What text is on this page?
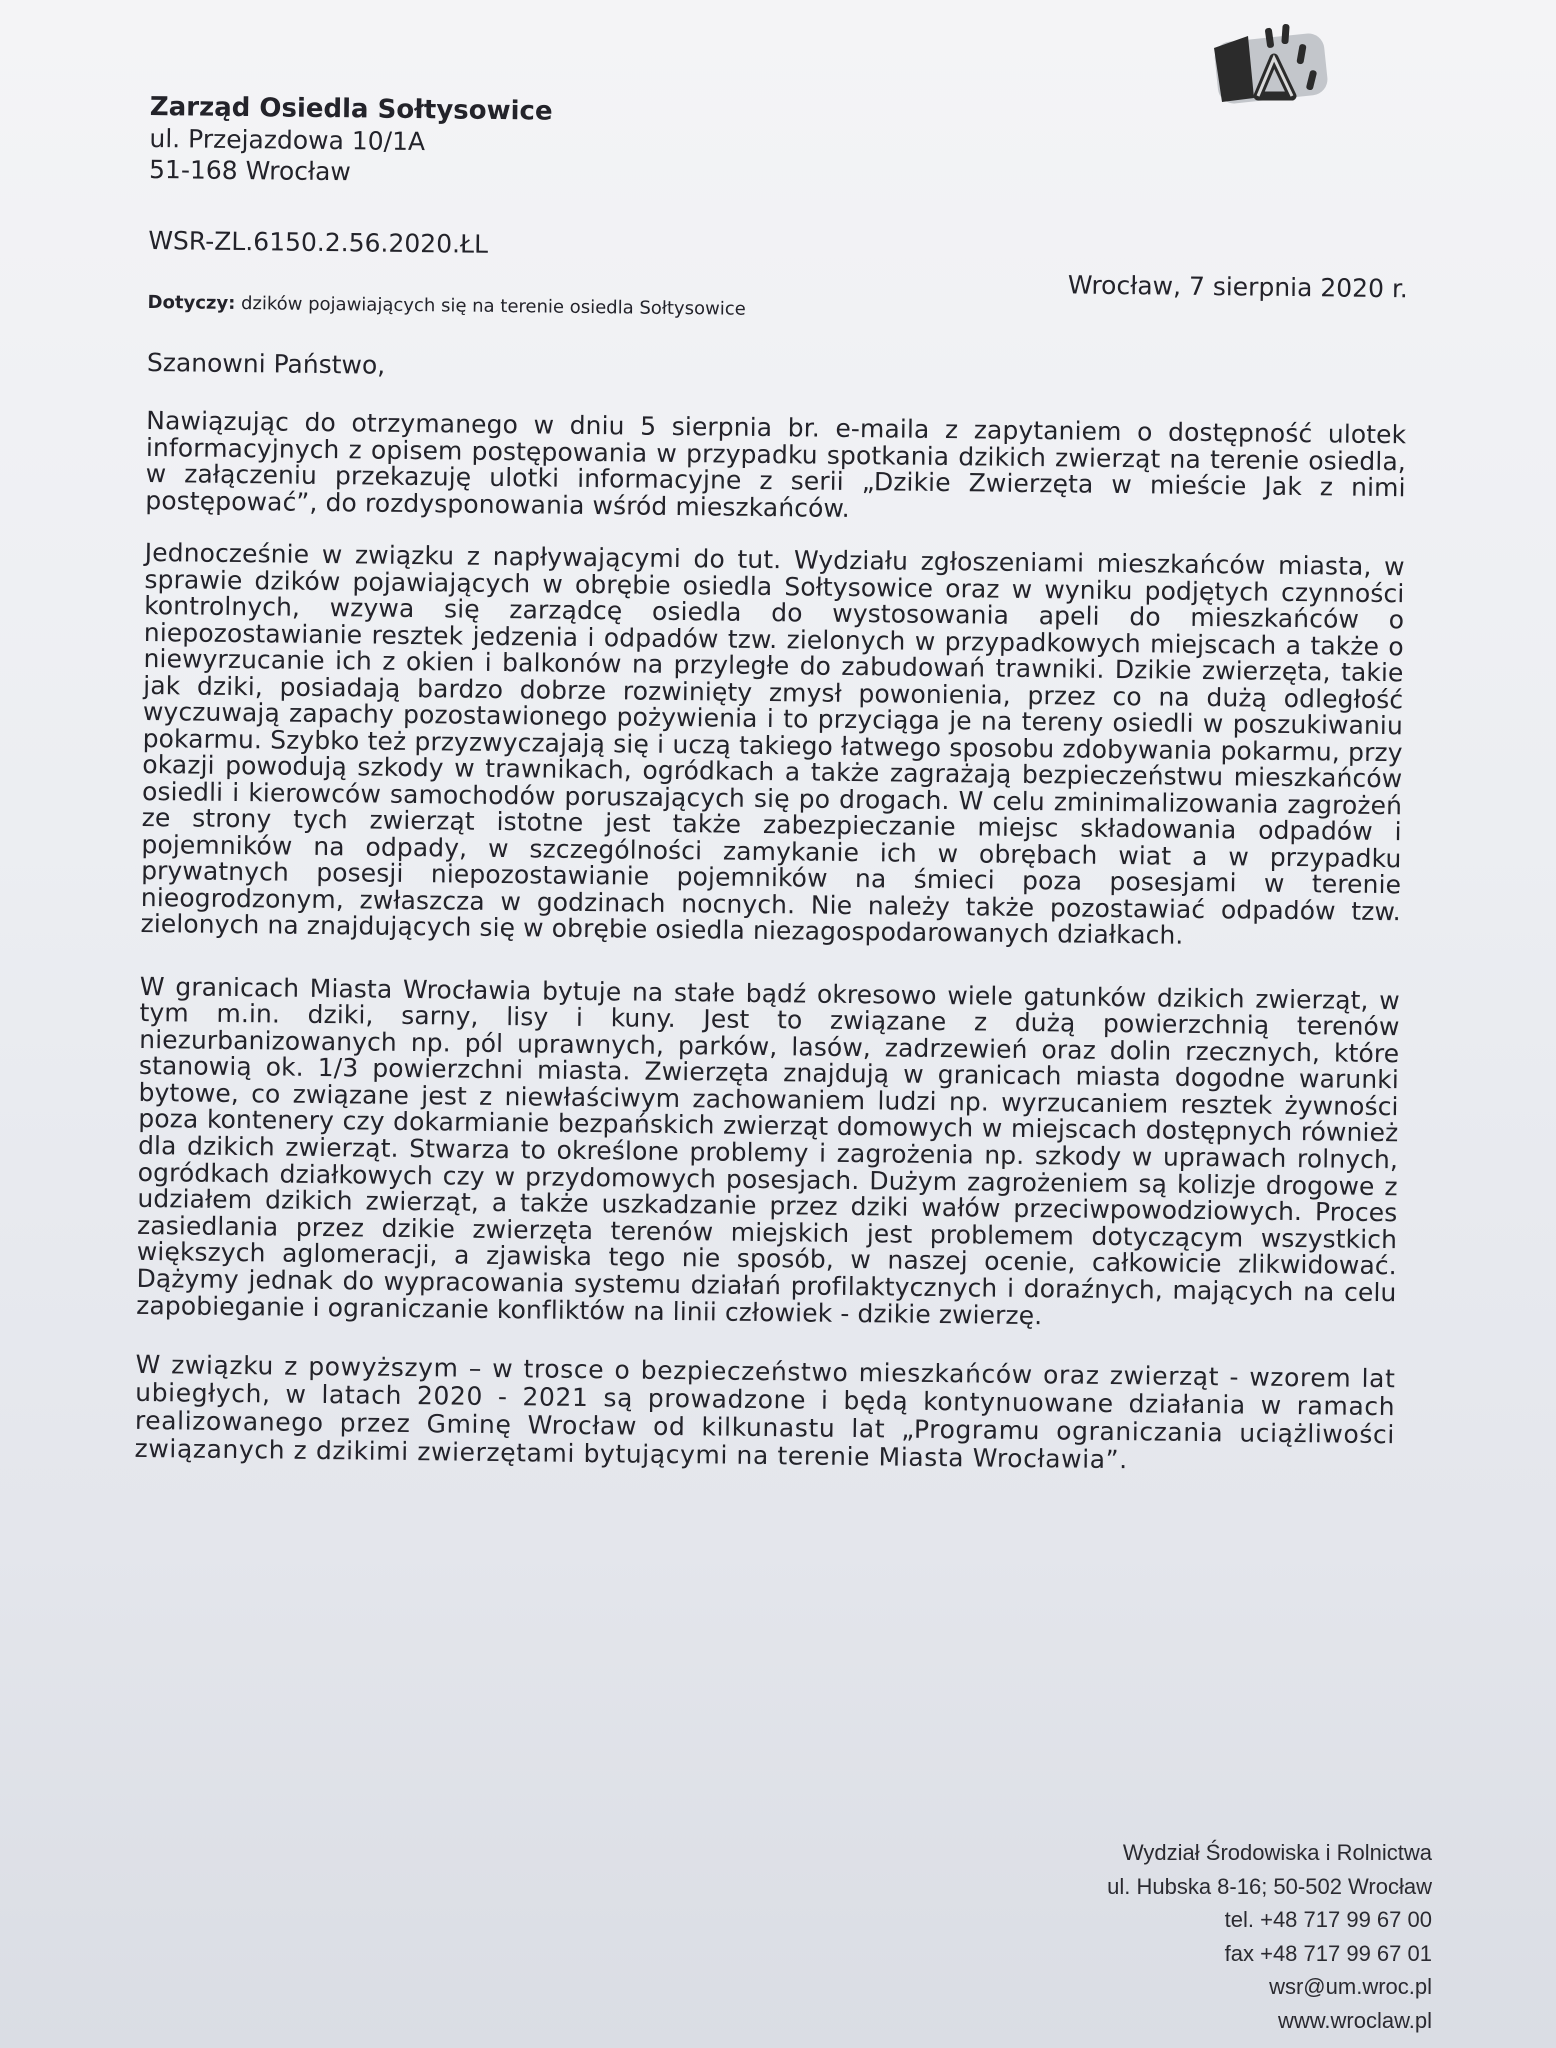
Zarząd Osiedla Sołtysowice
ul. Przejazdowa 10/1A
51-168 Wrocław
WSR-ZL.6150.2.56.2020.ŁL
Wrocław, 7 sierpnia 2020 r.
Dotyczy: dzików pojawiających się na terenie osiedla Sołtysowice
Szanowni Państwo,

Nawiązując do otrzymanego w dniu 5 sierpnia br. e-maila z zapytaniem o dostępność ulotek informacyjnych z opisem postępowania w przypadku spotkania dzikich zwierząt na terenie osiedla, w załączeniu przekazuję ulotki informacyjne z serii „Dzikie Zwierzęta w mieście Jak z nimi postępować”, do rozdysponowania wśród mieszkańców.

Jednocześnie w związku z napływającymi do tut. Wydziału zgłoszeniami mieszkańców miasta, w sprawie dzików pojawiających w obrębie osiedla Sołtysowice oraz w wyniku podjętych czynności kontrolnych, wzywa się zarządcę osiedla do wystosowania apeli do mieszkańców o niepozostawianie resztek jedzenia i odpadów tzw. zielonych w przypadkowych miejscach a także o niewyrzucanie ich z okien i balkonów na przyległe do zabudowań trawniki. Dzikie zwierzęta, takie jak dziki, posiadają bardzo dobrze rozwinięty zmysł powonienia, przez co na dużą odległość wyczuwają zapachy pozostawionego pożywienia i to przyciąga je na tereny osiedli w poszukiwaniu pokarmu. Szybko też przyzwyczajają się i uczą takiego łatwego sposobu zdobywania pokarmu, przy okazji powodują szkody w trawnikach, ogródkach a także zagrażają bezpieczeństwu mieszkańców osiedli i kierowców samochodów poruszających się po drogach. W celu zminimalizowania zagrożeń ze strony tych zwierząt istotne jest także zabezpieczanie miejsc składowania odpadów i pojemników na odpady, w szczególności zamykanie ich w obrębach wiat a w przypadku prywatnych posesji niepozostawianie pojemników na śmieci poza posesjami w terenie nieogrodzonym, zwłaszcza w godzinach nocnych. Nie należy także pozostawiać odpadów tzw. zielonych na znajdujących się w obrębie osiedla niezagospodarowanych działkach.

W granicach Miasta Wrocławia bytuje na stałe bądź okresowo wiele gatunków dzikich zwierząt, w tym m.in. dziki, sarny, lisy i kuny. Jest to związane z dużą powierzchnią terenów niezurbanizowanych np. pól uprawnych, parków, lasów, zadrzewień oraz dolin rzecznych, które stanowią ok. 1/3 powierzchni miasta. Zwierzęta znajdują w granicach miasta dogodne warunki bytowe, co związane jest z niewłaściwym zachowaniem ludzi np. wyrzucaniem resztek żywności poza kontenery czy dokarmianie bezpańskich zwierząt domowych w miejscach dostępnych również dla dzikich zwierząt. Stwarza to określone problemy i zagrożenia np. szkody w uprawach rolnych, ogródkach działkowych czy w przydomowych posesjach. Dużym zagrożeniem są kolizje drogowe z udziałem dzikich zwierząt, a także uszkadzanie przez dziki wałów przeciwpowodziowych. Proces zasiedlania przez dzikie zwierzęta terenów miejskich jest problemem dotyczącym wszystkich większych aglomeracji, a zjawiska tego nie sposób, w naszej ocenie, całkowicie zlikwidować. Dążymy jednak do wypracowania systemu działań profilaktycznych i doraźnych, mających na celu zapobieganie i ograniczanie konfliktów na linii człowiek - dzikie zwierzę.

W związku z powyższym – w trosce o bezpieczeństwo mieszkańców oraz zwierząt - wzorem lat ubiegłych, w latach 2020 - 2021 są prowadzone i będą kontynuowane działania w ramach realizowanego przez Gminę Wrocław od kilkunastu lat „Programu ograniczania uciążliwości związanych z dzikimi zwierzętami bytującymi na terenie Miasta Wrocławia”.

Wydział Środowiska i Rolnictwa
ul. Hubska 8-16; 50-502 Wrocław
tel. +48 717 99 67 00
fax +48 717 99 67 01
wsr@um.wroc.pl
www.wroclaw.pl
